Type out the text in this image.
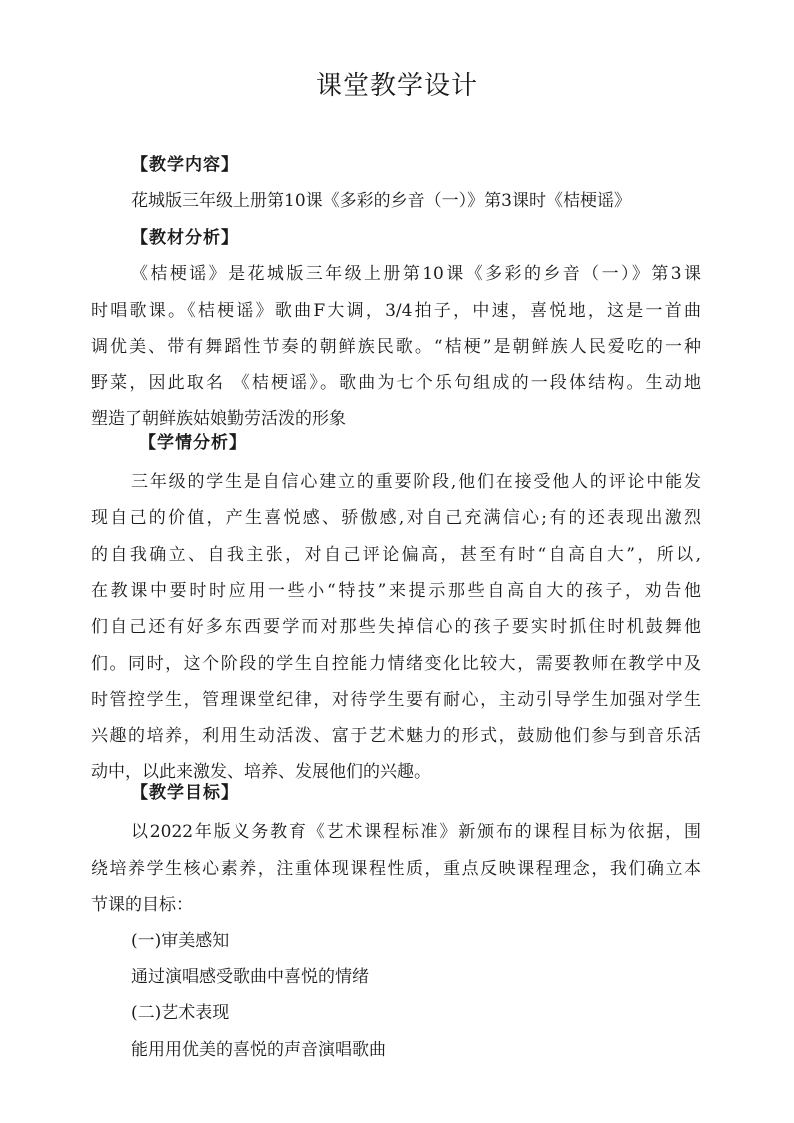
课堂教学设计

【教学内容】

花城版三年级上册第10课《多彩的乡音（一）》第3课时《桔梗谣》

【教材分析】

《桔梗谣》是花城版三年级上册第10课《多彩的乡音（一）》第3课

时唱歌课。《桔梗谣》歌曲F大调，3/4拍子，中速，喜悦地，这是一首曲

调优美、带有舞蹈性节奏的朝鲜族民歌。“桔梗”是朝鲜族人民爱吃的一种

野菜，因此取名 《桔梗谣》。歌曲为七个乐句组成的一段体结构。生动地

塑造了朝鲜族姑娘勤劳活泼的形象

【学情分析】

三年级的学生是自信心建立的重要阶段,他们在接受他人的评论中能发

现自己的价值，产生喜悦感、骄傲感,对自己充满信心;有的还表现出激烈

的自我确立、自我主张，对自己评论偏高，甚至有时“自高自大”，所以,

在教课中要时时应用一些小“特技”来提示那些自高自大的孩子，劝告他

们自己还有好多东西要学而对那些失掉信心的孩子要实时抓住时机鼓舞他

们。同时，这个阶段的学生自控能力情绪变化比较大，需要教师在教学中及

时管控学生，管理课堂纪律，对待学生要有耐心，主动引导学生加强对学生

兴趣的培养，利用生动活泼、富于艺术魅力的形式，鼓励他们参与到音乐活

动中，以此来激发、培养、发展他们的兴趣。

【教学目标】

以2022年版义务教育《艺术课程标准》新颁布的课程目标为依据，围

绕培养学生核心素养，注重体现课程性质，重点反映课程理念，我们确立本

节课的目标：

(一)审美感知

通过演唱感受歌曲中喜悦的情绪

(二)艺术表现

能用用优美的喜悦的声音演唱歌曲
